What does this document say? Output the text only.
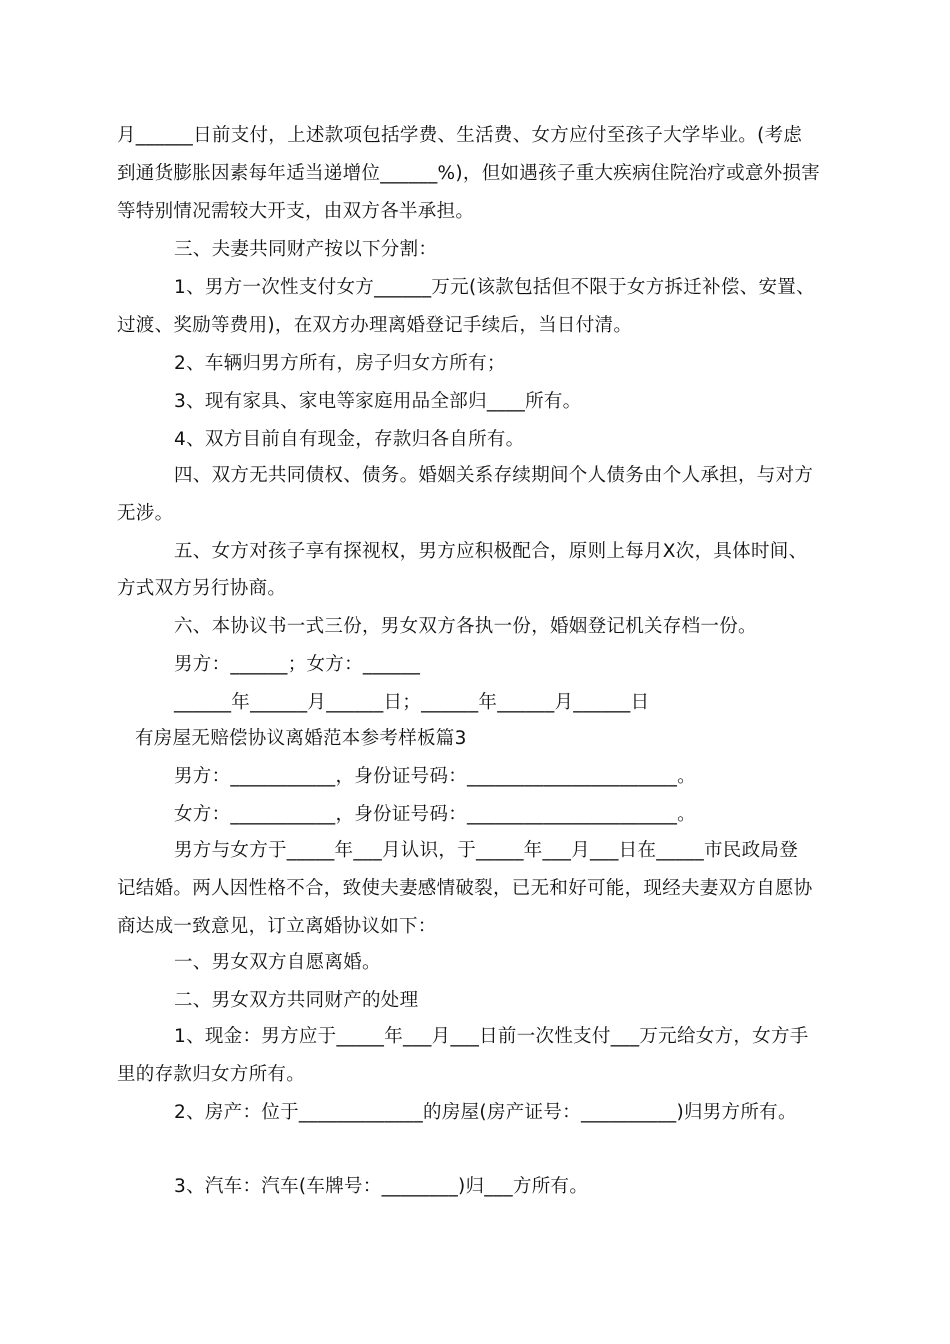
月______日前支付，上述款项包括学费、生活费、女方应付至孩子大学毕业。(考虑
到通货膨胀因素每年适当递增位______%)，但如遇孩子重大疾病住院治疗或意外损害
等特别情况需较大开支，由双方各半承担。
三、夫妻共同财产按以下分割：
1、男方一次性支付女方______万元(该款包括但不限于女方拆迁补偿、安置、
过渡、奖励等费用)，在双方办理离婚登记手续后，当日付清。
2、车辆归男方所有，房子归女方所有；
3、现有家具、家电等家庭用品全部归____所有。
4、双方目前自有现金，存款归各自所有。
四、双方无共同债权、债务。婚姻关系存续期间个人债务由个人承担，与对方
无涉。
五、女方对孩子享有探视权，男方应积极配合，原则上每月X次，具体时间、
方式双方另行协商。
六、本协议书一式三份，男女双方各执一份，婚姻登记机关存档一份。
男方：______；女方：______
______年______月______日；______年______月______日
有房屋无赔偿协议离婚范本参考样板篇3
男方：___________，身份证号码：______________________。
女方：___________，身份证号码：______________________。
男方与女方于_____年___月认识，于_____年___月___日在_____市民政局登
记结婚。两人因性格不合，致使夫妻感情破裂，已无和好可能，现经夫妻双方自愿协
商达成一致意见，订立离婚协议如下：
一、男女双方自愿离婚。
二、男女双方共同财产的处理
1、现金：男方应于_____年___月___日前一次性支付___万元给女方，女方手
里的存款归女方所有。
2、房产：位于_____________的房屋(房产证号：__________)归男方所有。
3、汽车：汽车(车牌号：________)归___方所有。
